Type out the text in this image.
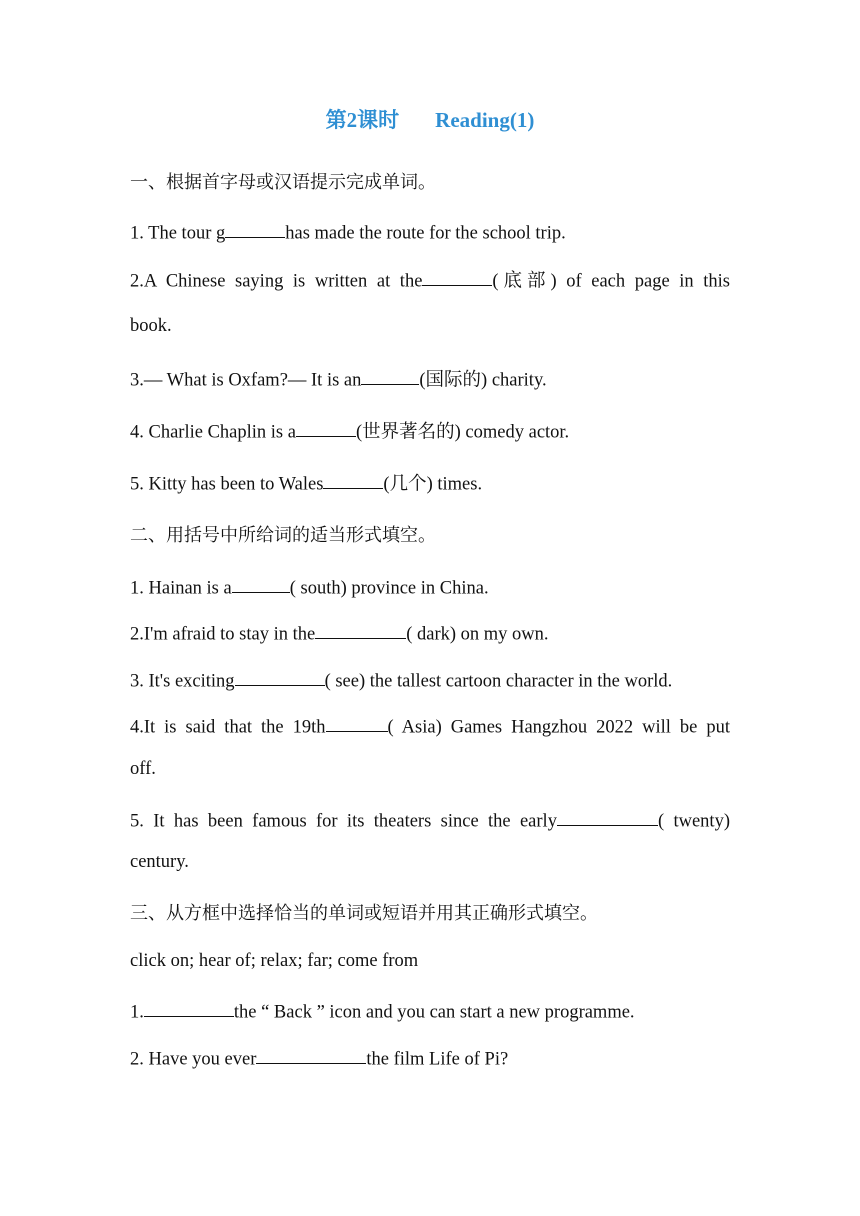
第2课时 Reading(1)
一、根据首字母或汉语提示完成单词。
1. The tour g	has made the route for the school trip.
2.A Chinese saying is written at the	(底部) of each page in this
book.
3.— What is Oxfam?— It is an	(国际的) charity.
4. Charlie Chaplin is a	(世界著名的) comedy actor.
5. Kitty has been to Wales	(几个) times.
二、用括号中所给词的适当形式填空。
1. Hainan is a	( south) province in China.
2.I'm afraid to stay in the	( dark) on my own.
3. It's exciting	( see) the tallest cartoon character in the world.
4.It is said that the 19th	( Asia) Games Hangzhou 2022 will be put
off.
5. It has been famous for its theaters since the early	( twenty)
century.
三、从方框中选择恰当的单词或短语并用其正确形式填空。
click on; hear of; relax; far; come from
1.	the “ Back ” icon and you can start a new programme.
2. Have you ever	the film Life of Pi?
